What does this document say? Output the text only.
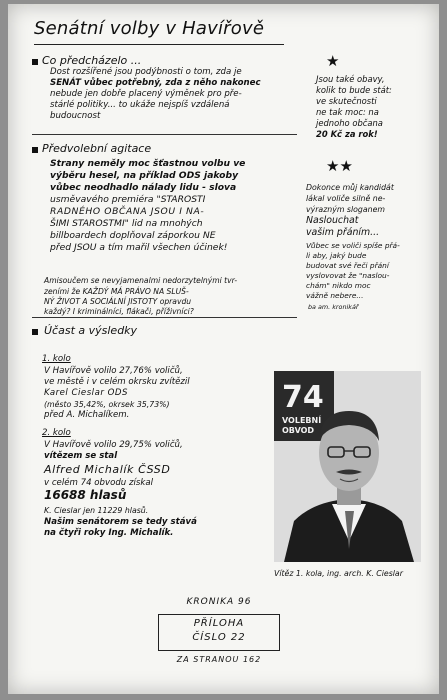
Senátní volby v Havířově
Co předcházelo ...
Dost rozšířené jsou podýbnosti o tom, zda je
SENÁT vůbec potřebný, zda z něho nakonec
nebude jen dobře placený výměnek pro pře-
stárlé politiky... to ukáže nejspíš vzdálená
budoucnost
Předvolební agitace
Strany neměly moc šťastnou volbu ve
výběru hesel, na příklad ODS jakoby
vůbec neodhadlo nálady lidu - slova
usměvavého premiéra "STAROSTI
RADNÉHO OBČANA JSOU I NA-
ŠIMI STAROSTMI" lid na mnohých
billboardech doplňoval záporkou NE
před JSOU a tím mařil všechen účinek!
Amisoučem se nevyjamenalmi nedorzytelnými tvr-
zeními že KAŽDÝ MÁ PRÁVO NA SLUŠ-
NÝ ŽIVOT A SOCIÁLNÍ JISTOTY opravdu
každý? I kriminálníci, flákači, příživníci?
Účast a výsledky
1. kolo
V Havířově volilo 27,76% voličů,
ve městě i v celém okrsku zvítězil
Karel Cieslar ODS
(město 35,42%, okrsek 35,73%)
před A. Michalíkem.
2. kolo
V Havířově volilo 29,75% voličů,
vítězem se stal
Alfred Michalík ČSSD
v celém 74 obvodu získal
16688 hlasů
K. Cieslar jen 11229 hlasů.
Našim senátorem se tedy stává
na čtyři roky Ing. Michalík.
★
Jsou také obavy,
kolik to bude stát:
ve skutečnosti
ne tak moc: na
jednoho občana
20 Kč za rok!
★★
Dokonce můj kandidát
lákal voliče silně ne-
výrazným sloganem
Naslouchat
vašim přáním...
Vůbec se voliči spíše přá-
li aby, jaký bude
budovat své řeči přání
vyslovovat že "naslou-
chám" nikdo moc
vážně nebere...
ba am. kronikář
74
VOLEBNÍ
OBVOD
Vítěz 1. kola, ing. arch. K. Cieslar
KRONIKA 96
PŘÍLOHA
ČÍSLO 22
ZA STRANOU 162
